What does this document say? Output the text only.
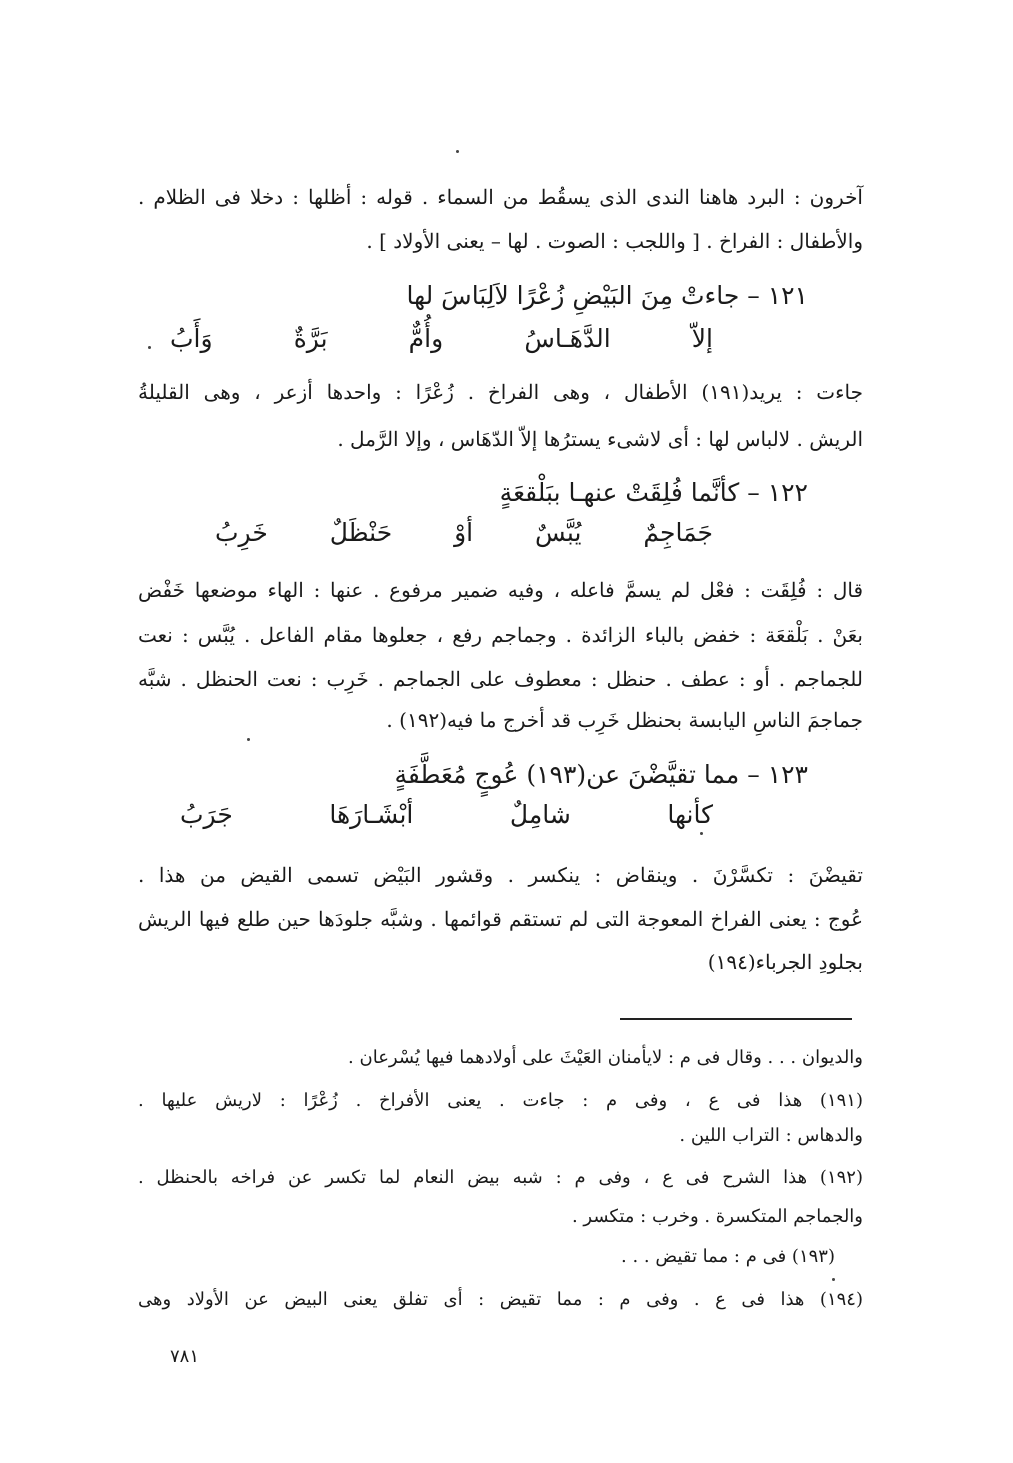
آخرون : البرد هاهنا الندى الذى يسقُط من السماء . قوله : أظلها : دخلا فى الظلام .
والأطفال : الفراخ . [ واللجب : الصوت . لها – يعنى الأولاد ] .
١٢١ – جاءتْ مِنَ البَيْضِ زُعْرًا لاَلِبَاسَ لها
إلاّ الدَّهَـاسُ وأُمٌّ بَرَّةٌ وَأَبُ
جاءت : يريد(١٩١) الأطفال ، وهى الفراخ . زُعْرًا : واحدها أزعر ، وهى القليلةُ
الريش . لالباس لها : أى لاشىء يسترُها إلاّ الدّهَاس ، وإلا الرَّمل .
١٢٢ – كأنَّما فُلِقَتْ عنهـا ببَلْقعَةٍ
جَمَاجِمٌ يُبَّسٌ أوْ حَنْظَلٌ خَرِبُ
قال : فُلِقَت : فعْل لم يسمَّ فاعله ، وفيه ضمير مرفوع . عنها : الهاء موضعها خَفْض
بعَنْ . بَلْقعَة : خفض بالباء الزائدة . وجماجم رفع ، جعلوها مقام الفاعل . يُبَّس : نعت
للجماجم . أو : عطف . حنظل : معطوف على الجماجم . خَرِب : نعت الحنظل . شبَّه
جماجمَ الناسِ اليابسة بحنظل خَرِب قد أخرج ما فيه(١٩٢) .
١٢٣ – مما تقيَّضْنَ عن(١٩٣) عُوجٍ مُعَطَّفَةٍ
كأنها شامِلٌ أبْشَـارَهَا جَرَبُ
تقيضْنَ : تكسَّرْنَ . وينقاض : ينكسر . وقشور البَيْض تسمى القيض من هذا .
عُوج : يعنى الفراخ المعوجة التى لم تستقم قوائمها . وشبَّه جلودَها حين طلع فيها الريش
بجلودِ الجرباء(١٩٤)
والديوان . . . وقال فى م : لايأمنان العَيْثَ على أولادهما فيها يُسْرعان .
(١٩١) هذا فى ع ، وفى م : جاءت . يعنى الأفراخ . زُعْرًا : لاريش عليها .
والدهاس : التراب اللين .
(١٩٢) هذا الشرح فى ع ، وفى م : شبه بيض النعام لما تكسر عن فراخه بالحنظل .
والجماجم المتكسرة . وخرب : متكسر .
(١٩٣) فى م : مما تقيض . . .
(١٩٤) هذا فى ع . وفى م : مما تقيض : أى تفلق يعنى البيض عن الأولاد وهى
٧٨١
